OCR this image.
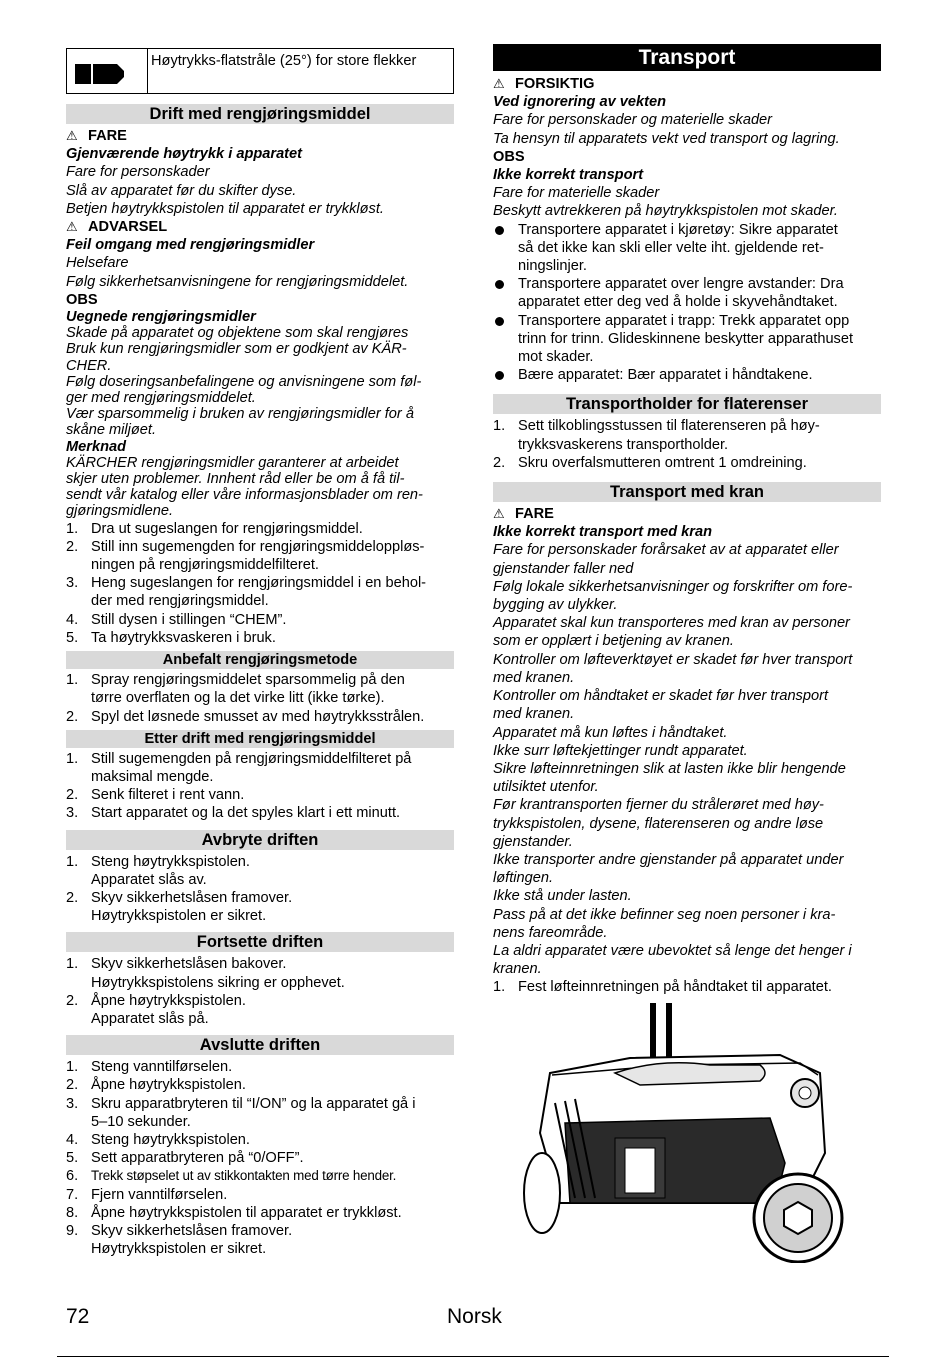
Høytrykks-flatstråle (25°) for store flekker
Drift med rengjøringsmiddel
⚠ FARE
Gjenværende høytrykk i apparatet
Fare for personskader
Slå av apparatet før du skifter dyse.
Betjen høytrykkspistolen til apparatet er trykkløst.
⚠ ADVARSEL
Feil omgang med rengjøringsmidler
Helsefare
Følg sikkerhetsanvisningene for rengjøringsmiddelet.
OBS
Uegnede rengjøringsmidler
Skade på apparatet og objektene som skal rengjøres
Bruk kun rengjøringsmidler som er godkjent av KÄR-
CHER.
Følg doseringsanbefalingene og anvisningene som føl-
ger med rengjøringsmiddelet.
Vær sparsommelig i bruken av rengjøringsmidler for å
skåne miljøet.
Merknad
KÄRCHER rengjøringsmidler garanterer at arbeidet
skjer uten problemer. Innhent råd eller be om å få til-
sendt vår katalog eller våre informasjonsblader om ren-
gjøringsmidlene.
1. Dra ut sugeslangen for rengjøringsmiddel.
2. Still inn sugemengden for rengjøringsmiddeloppløs-
ningen på rengjøringsmiddelfilteret.
3. Heng sugeslangen for rengjøringsmiddel i en behol-
der med rengjøringsmiddel.
4. Still dysen i stillingen “CHEM”.
5. Ta høytrykksvaskeren i bruk.
Anbefalt rengjøringsmetode
1. Spray rengjøringsmiddelet sparsommelig på den
tørre overflaten og la det virke litt (ikke tørke).
2. Spyl det løsnede smusset av med høytrykksstrålen.
Etter drift med rengjøringsmiddel
1. Still sugemengden på rengjøringsmiddelfilteret på
maksimal mengde.
2. Senk filteret i rent vann.
3. Start apparatet og la det spyles klart i ett minutt.
Avbryte driften
1. Steng høytrykkspistolen.
Apparatet slås av.
2. Skyv sikkerhetslåsen framover.
Høytrykkspistolen er sikret.
Fortsette driften
1. Skyv sikkerhetslåsen bakover.
Høytrykkspistolens sikring er opphevet.
2. Åpne høytrykkspistolen.
Apparatet slås på.
Avslutte driften
1. Steng vanntilførselen.
2. Åpne høytrykkspistolen.
3. Skru apparatbryteren til “I/ON” og la apparatet gå i
5–10 sekunder.
4. Steng høytrykkspistolen.
5. Sett apparatbryteren på “0/OFF”.
6. Trekk støpselet ut av stikkontakten med tørre hender.
7. Fjern vanntilførselen.
8. Åpne høytrykkspistolen til apparatet er trykkløst.
9. Skyv sikkerhetslåsen framover.
Høytrykkspistolen er sikret.
Transport
⚠ FORSIKTIG
Ved ignorering av vekten
Fare for personskader og materielle skader
Ta hensyn til apparatets vekt ved transport og lagring.
OBS
Ikke korrekt transport
Fare for materielle skader
Beskytt avtrekkeren på høytrykkspistolen mot skader.
Transportere apparatet i kjøretøy: Sikre apparatet
så det ikke kan skli eller velte iht. gjeldende ret-
ningslinjer.
Transportere apparatet over lengre avstander: Dra
apparatet etter deg ved å holde i skyvehåndtaket.
Transportere apparatet i trapp: Trekk apparatet opp
trinn for trinn. Glideskinnene beskytter apparathuset
mot skader.
Bære apparatet: Bær apparatet i håndtakene.
Transportholder for flaterenser
1. Sett tilkoblingsstussen til flaterenseren på høy-
trykksvaskerens transportholder.
2. Skru overfalsmutteren omtrent 1 omdreining.
Transport med kran
⚠ FARE
Ikke korrekt transport med kran
Fare for personskader forårsaket av at apparatet eller
gjenstander faller ned
Følg lokale sikkerhetsanvisninger og forskrifter om fore-
bygging av ulykker.
Apparatet skal kun transporteres med kran av personer
som er opplært i betjening av kranen.
Kontroller om løfteverktøyet er skadet før hver transport
med kranen.
Kontroller om håndtaket er skadet før hver transport
med kranen.
Apparatet må kun løftes i håndtaket.
Ikke surr løftekjettinger rundt apparatet.
Sikre løfteinnretningen slik at lasten ikke blir hengende
utilsiktet utenfor.
Før krantransporten fjerner du strålerøret med høy-
trykkspistolen, dysene, flaterenseren og andre løse
gjenstander.
Ikke transporter andre gjenstander på apparatet under
løftingen.
Ikke stå under lasten.
Pass på at det ikke befinner seg noen personer i kra-
nens fareområde.
La aldri apparatet være ubevoktet så lenge det henger i
kranen.
1. Fest løfteinnretningen på håndtaket til apparatet.
72	Norsk
